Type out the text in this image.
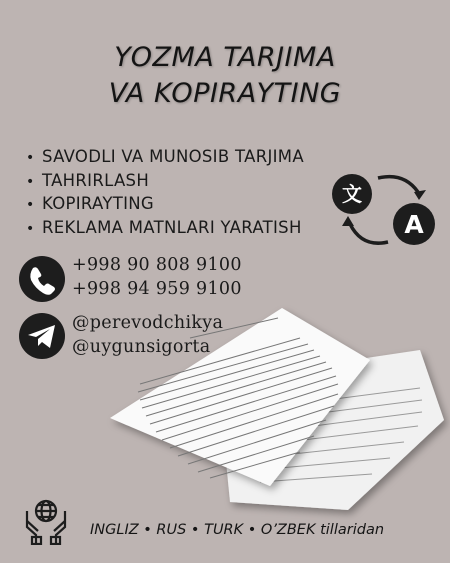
YOZMA TARJIMA
VA KOPIRAYTING
• SAVODLI VA MUNOSIB TARJIMA
• TAHRIRLASH
• KOPIRAYTING
• REKLAMA MATNLARI YARATISH
文
A
+998 90 808 9100
+998 94 959 9100
@perevodchikya
@uygunsigorta
INGLIZ • RUS • TURK • O’ZBEK tillaridan
